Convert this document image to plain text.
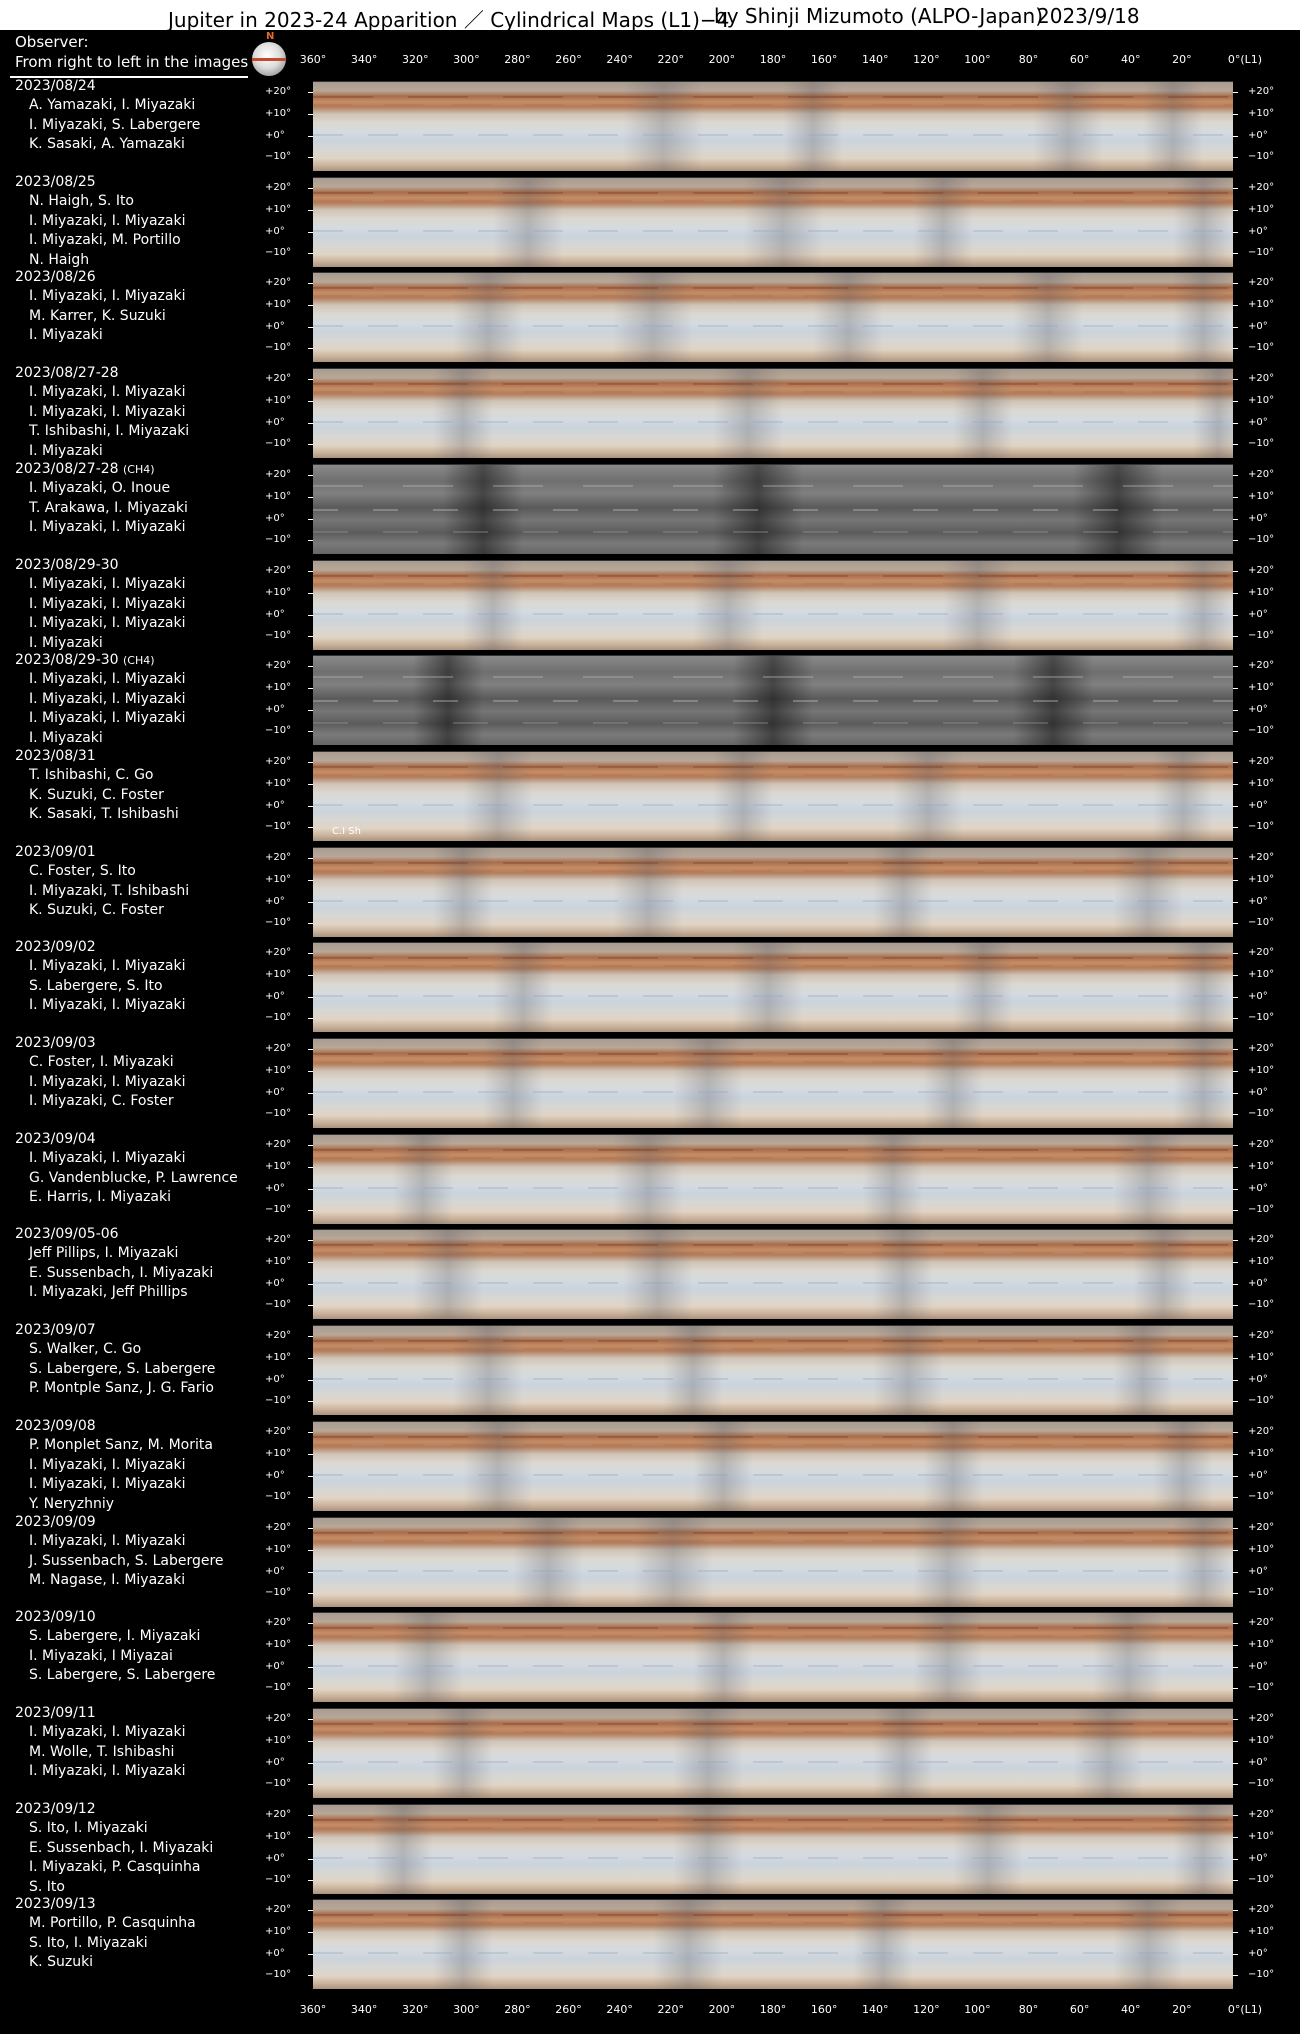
Jupiter in 2023-24 Apparition ／ Cylindrical Maps (L1)−4
by Shinji Mizumoto (ALPO-Japan)
2023/9/18
Observer:
From right to left in the images
N
360° 340° 320° 300° 280° 260° 240° 220° 200° 180° 160° 140° 120° 100°	80°	60°	40°	20°	0°(L1)
2023/08/24
A. Yamazaki, I. Miyazaki
I. Miyazaki, S. Labergere
K. Sasaki, A. Yamazaki
+20°	+20°
+10°	+10°
+0°	+0°
−10°	−10°
2023/08/25
N. Haigh, S. Ito
I. Miyazaki, I. Miyazaki
I. Miyazaki, M. Portillo
N. Haigh
+20°	+20°
+10°	+10°
+0°	+0°
−10°	−10°
2023/08/26
I. Miyazaki, I. Miyazaki
M. Karrer, K. Suzuki
I. Miyazaki
+20°	+20°
+10°	+10°
+0°	+0°
−10°	−10°
2023/08/27-28
I. Miyazaki, I. Miyazaki
I. Miyazaki, I. Miyazaki
T. Ishibashi, I. Miyazaki
I. Miyazaki
+20°	+20°
+10°	+10°
+0°	+0°
−10°	−10°
2023/08/27-28 (CH4)
I. Miyazaki, O. Inoue
T. Arakawa, I. Miyazaki
I. Miyazaki, I. Miyazaki
+20°	+20°
+10°	+10°
+0°	+0°
−10°	−10°
2023/08/29-30
I. Miyazaki, I. Miyazaki
I. Miyazaki, I. Miyazaki
I. Miyazaki, I. Miyazaki
I. Miyazaki
+20°	+20°
+10°	+10°
+0°	+0°
−10°	−10°
2023/08/29-30 (CH4)
I. Miyazaki, I. Miyazaki
I. Miyazaki, I. Miyazaki
I. Miyazaki, I. Miyazaki
I. Miyazaki
+20°	+20°
+10°	+10°
+0°	+0°
−10°	−10°
2023/08/31
T. Ishibashi, C. Go
K. Suzuki, C. Foster
K. Sasaki, T. Ishibashi
+20°	+20°
+10°	+10°
+0°	+0°
−10°	−10°
2023/09/01
C. Foster, S. Ito
I. Miyazaki, T. Ishibashi
K. Suzuki, C. Foster
+20°	+20°
+10°	+10°
+0°	+0°
−10°	−10°
2023/09/02
I. Miyazaki, I. Miyazaki
S. Labergere, S. Ito
I. Miyazaki, I. Miyazaki
+20°	+20°
+10°	+10°
+0°	+0°
−10°	−10°
2023/09/03
C. Foster, I. Miyazaki
I. Miyazaki, I. Miyazaki
I. Miyazaki, C. Foster
+20°	+20°
+10°	+10°
+0°	+0°
−10°	−10°
2023/09/04
I. Miyazaki, I. Miyazaki
G. Vandenblucke, P. Lawrence
E. Harris, I. Miyazaki
+20°	+20°
+10°	+10°
+0°	+0°
−10°	−10°
2023/09/05-06
Jeff Pillips, I. Miyazaki
E. Sussenbach, I. Miyazaki
I. Miyazaki, Jeff Phillips
+20°	+20°
+10°	+10°
+0°	+0°
−10°	−10°
2023/09/07
S. Walker, C. Go
S. Labergere, S. Labergere
P. Montple Sanz, J. G. Fario
+20°	+20°
+10°	+10°
+0°	+0°
−10°	−10°
2023/09/08
P. Monplet Sanz, M. Morita
I. Miyazaki, I. Miyazaki
I. Miyazaki, I. Miyazaki
Y. Neryzhniy
+20°	+20°
+10°	+10°
+0°	+0°
−10°	−10°
2023/09/09
I. Miyazaki, I. Miyazaki
J. Sussenbach, S. Labergere
M. Nagase, I. Miyazaki
+20°	+20°
+10°	+10°
+0°	+0°
−10°	−10°
2023/09/10
S. Labergere, I. Miyazaki
I. Miyazaki, I Miyazai
S. Labergere, S. Labergere
+20°	+20°
+10°	+10°
+0°	+0°
−10°	−10°
2023/09/11
I. Miyazaki, I. Miyazaki
M. Wolle, T. Ishibashi
I. Miyazaki, I. Miyazaki
+20°	+20°
+10°	+10°
+0°	+0°
−10°	−10°
2023/09/12
S. Ito, I. Miyazaki
E. Sussenbach, I. Miyazaki
I. Miyazaki, P. Casquinha
S. Ito
+20°	+20°
+10°	+10°
+0°	+0°
−10°	−10°
2023/09/13
M. Portillo, P. Casquinha
S. Ito, I. Miyazaki
K. Suzuki
+20°	+20°
+10°	+10°
+0°	+0°
−10°	−10°
C.I Sh
360° 340° 320° 300° 280° 260° 240° 220° 200° 180° 160° 140° 120° 100°	80°	60°	40°	20°	0°(L1)
